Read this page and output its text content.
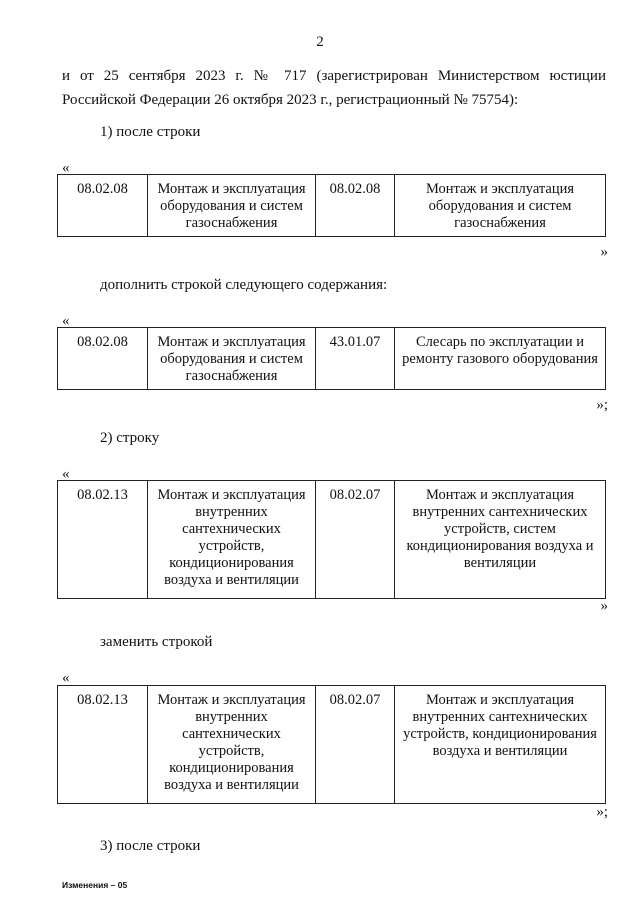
2
и от 25 сентября 2023 г. № 717 (зарегистрирован Министерством юстиции
Российской Федерации 26 октября 2023 г., регистрационный № 75754):
1) после строки
«
08.02.08	Монтаж и эксплуатация оборудования и систем газоснабжения	08.02.08	Монтаж и эксплуатация оборудования и систем газоснабжения
»
дополнить строкой следующего содержания:
«
08.02.08	Монтаж и эксплуатация оборудования и систем газоснабжения	43.01.07	Слесарь по эксплуатации и ремонту газового оборудования
»;
2) строку
«
08.02.13	Монтаж и эксплуатация внутренних сантехнических устройств, кондиционирования воздуха и вентиляции	08.02.07	Монтаж и эксплуатация внутренних сантехнических устройств, систем кондиционирования воздуха и вентиляции
»
заменить строкой
«
08.02.13	Монтаж и эксплуатация внутренних сантехнических устройств, кондиционирования воздуха и вентиляции	08.02.07	Монтаж и эксплуатация внутренних сантехнических устройств, кондиционирования воздуха и вентиляции
»;
3) после строки
Изменения – 05
